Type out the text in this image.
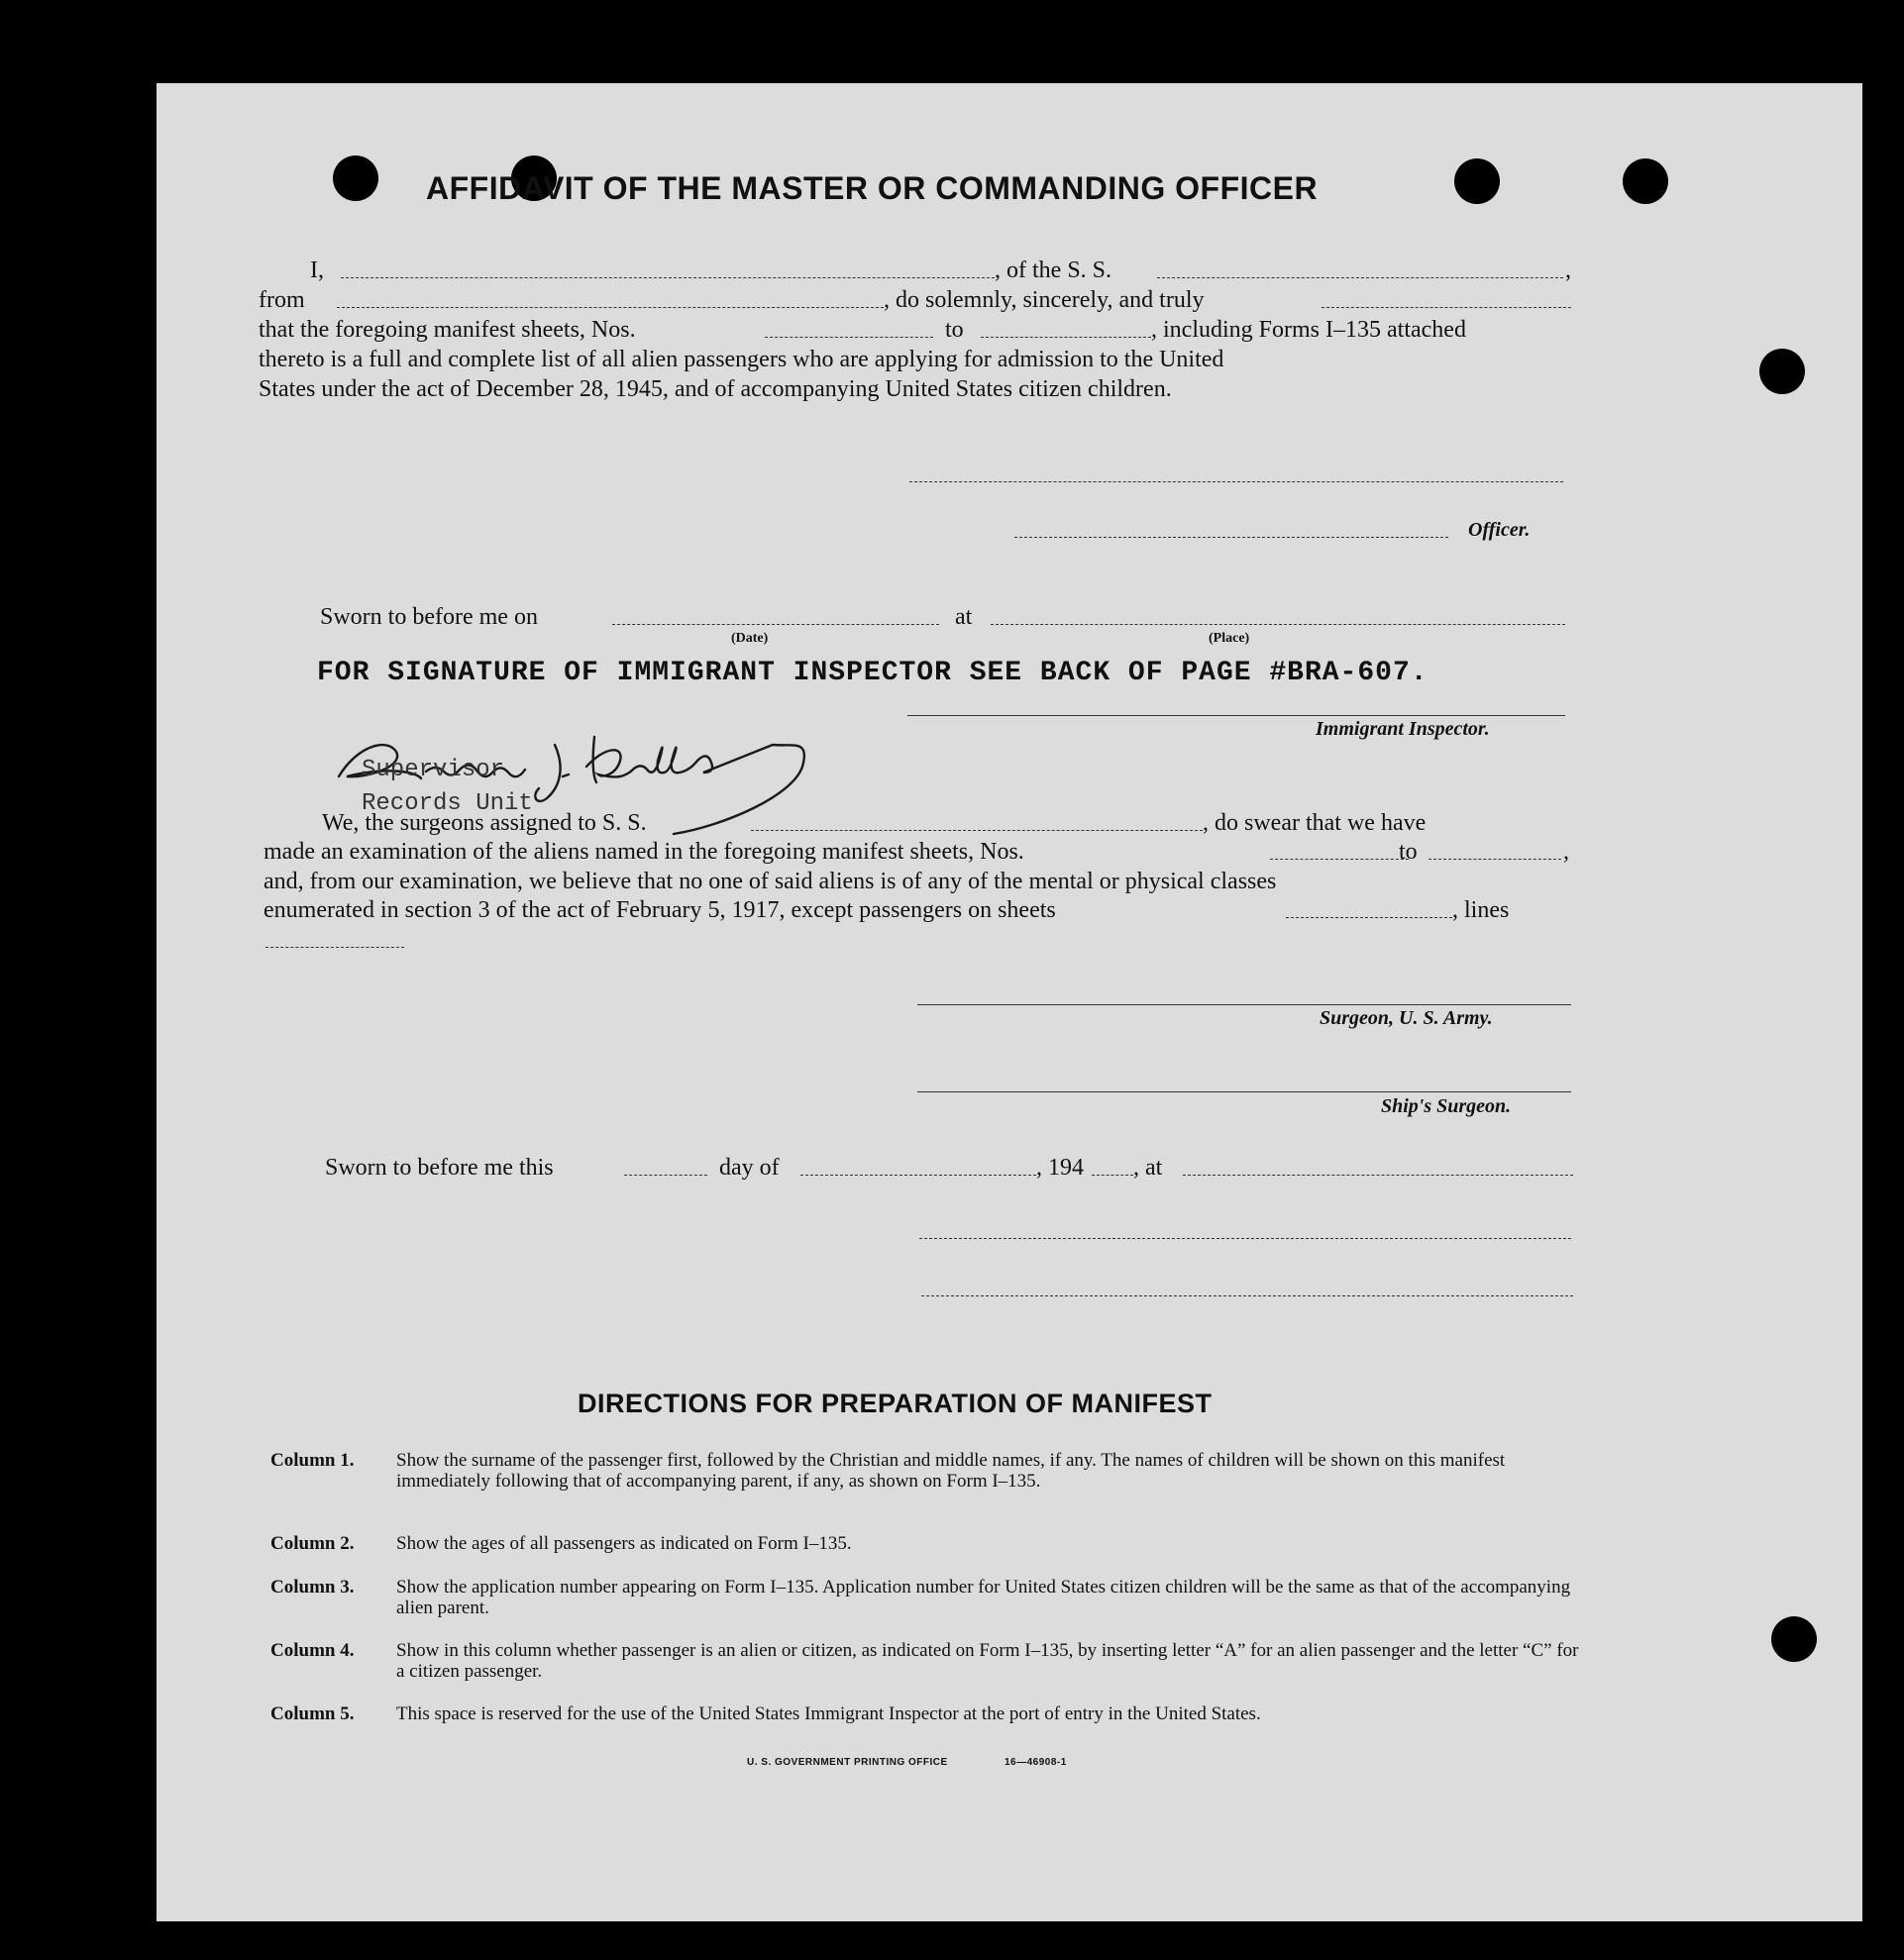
AFFIDAVIT OF THE MASTER OR COMMANDING OFFICER
I,	, of the S. S.	,
from	, do solemnly, sincerely, and truly
that the foregoing manifest sheets, Nos.	to	, including Forms I–135 attached
thereto is a full and complete list of all alien passengers who are applying for admission to the United
States under the act of December 28, 1945, and of accompanying United States citizen children.
Officer.
Sworn to before me on	at
(Date)	(Place)
FOR SIGNATURE OF IMMIGRANT INSPECTOR SEE BACK OF PAGE #BRA-607.
Immigrant Inspector.
Supervisor
Records Unit
We, the surgeons assigned to S. S.	, do swear that we have
made an examination of the aliens named in the foregoing manifest sheets, Nos.	to	,
and, from our examination, we believe that no one of said aliens is of any of the mental or physical classes
enumerated in section 3 of the act of February 5, 1917, except passengers on sheets	, lines
Surgeon, U. S. Army.
Ship's Surgeon.
Sworn to before me this	day of	, 194 , at
DIRECTIONS FOR PREPARATION OF MANIFEST
Column 1. Show the surname of the passenger first, followed by the Christian and middle names, if any. The names of children will be shown on this manifest immediately following that of accompanying parent, if any, as shown on Form I–135.
Column 2. Show the ages of all passengers as indicated on Form I–135.
Column 3. Show the application number appearing on Form I–135. Application number for United States citizen children will be the same as that of the accompanying alien parent.
Column 4. Show in this column whether passenger is an alien or citizen, as indicated on Form I–135, by inserting letter “A” for an alien passenger and the letter “C” for a citizen passenger.
Column 5. This space is reserved for the use of the United States Immigrant Inspector at the port of entry in the United States.
U. S. GOVERNMENT PRINTING OFFICE	16—46908-1
